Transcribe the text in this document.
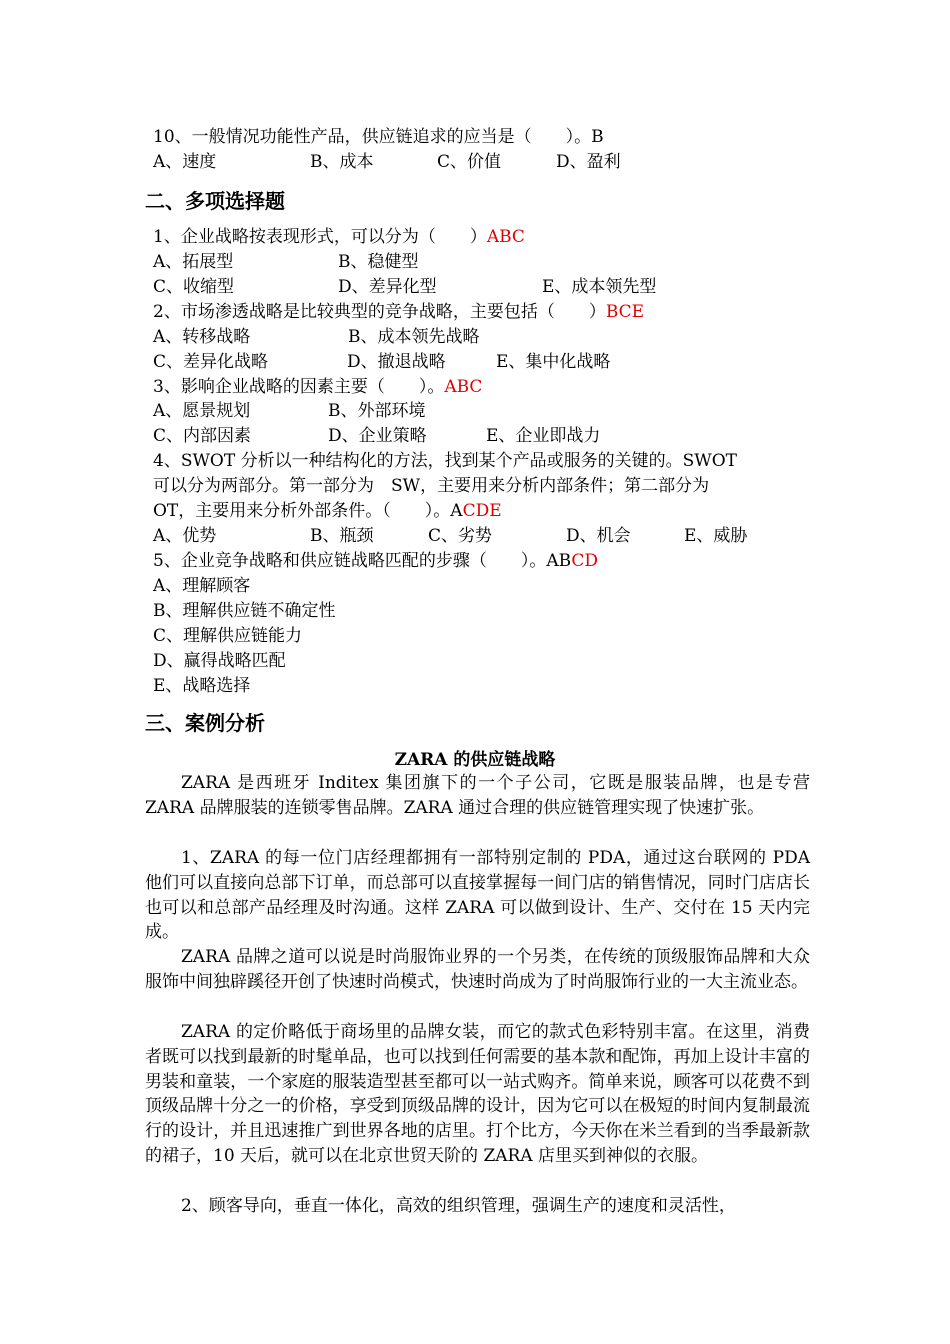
10、一般情况功能性产品，供应链追求的应当是（　　）。B
A、速度	B、成本	C、价值	D、盈利
二、多项选择题
1、企业战略按表现形式，可以分为（　　）ABC
A、拓展型	B、稳健型
C、收缩型	D、差异化型	E、成本领先型
2、市场渗透战略是比较典型的竞争战略，主要包括（　　）BCE
A、转移战略	B、成本领先战略
C、差异化战略	D、撤退战略	E、集中化战略
3、影响企业战略的因素主要（　　）。ABC
A、愿景规划	B、外部环境
C、内部因素	D、企业策略	E、企业即战力
4、SWOT 分析以一种结构化的方法，找到某个产品或服务的关键的。SWOT
可以分为两部分。第一部分为　SW，主要用来分析内部条件；第二部分为
OT，主要用来分析外部条件。（　　）。ACDE
A、优势	B、瓶颈	C、劣势	D、机会	E、威胁
5、企业竞争战略和供应链战略匹配的步骤（　　）。ABCD
A、理解顾客
B、理解供应链不确定性
C、理解供应链能力
D、赢得战略匹配
E、战略选择
三、案例分析
ZARA 的供应链战略
ZARA 是西班牙 Inditex 集团旗下的一个子公司，它既是服装品牌，也是专营 ZARA 品牌服装的连锁零售品牌。ZARA 通过合理的供应链管理实现了快速扩张。
1、ZARA 的每一位门店经理都拥有一部特别定制的 PDA，通过这台联网的 PDA 他们可以直接向总部下订单，而总部可以直接掌握每一间门店的销售情况，同时门店店长也可以和总部产品经理及时沟通。这样 ZARA 可以做到设计、生产、交付在 15 天内完成。
ZARA 品牌之道可以说是时尚服饰业界的一个另类，在传统的顶级服饰品牌和大众服饰中间独辟蹊径开创了快速时尚模式，快速时尚成为了时尚服饰行业的一大主流业态。
ZARA 的定价略低于商场里的品牌女装，而它的款式色彩特别丰富。在这里，消费者既可以找到最新的时髦单品，也可以找到任何需要的基本款和配饰，再加上设计丰富的男装和童装，一个家庭的服装造型甚至都可以一站式购齐。简单来说，顾客可以花费不到顶级品牌十分之一的价格，享受到顶级品牌的设计，因为它可以在极短的时间内复制最流行的设计，并且迅速推广到世界各地的店里。打个比方，今天你在米兰看到的当季最新款的裙子，10 天后，就可以在北京世贸天阶的 ZARA 店里买到神似的衣服。
2、顾客导向，垂直一体化，高效的组织管理，强调生产的速度和灵活性，
